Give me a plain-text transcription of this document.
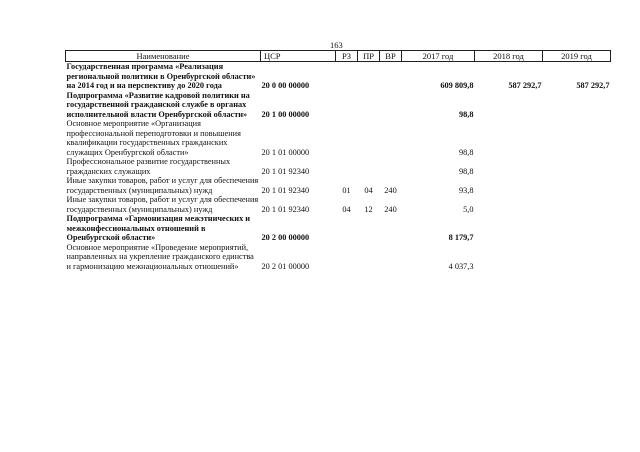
163
Наименование	ЦСР	РЗ	ПР	ВР	2017 год	2018 год	2019 год
Государственная программа «Реализация региональной политики в Оренбургской области» на 2014 год и на перспективу до 2020 года	20 0 00 00000				609 809,8	587 292,7	587 292,7
Подпрограмма «Развитие кадровой политики на государственной гражданской службе в органах исполнительной власти Оренбургской области»	20 1 00 00000				98,8		
Основное мероприятие «Организация профессиональной переподготовки и повышения квалификации государственных гражданских служащих Оренбургской области»	20 1 01 00000				98,8		
Профессиональное развитие государственных гражданских служащих	20 1 01 92340				98,8		
Иные закупки товаров, работ и услуг для обеспечения государственных (муниципальных) нужд	20 1 01 92340	01	04	240	93,8		
Иные закупки товаров, работ и услуг для обеспечения государственных (муниципальных) нужд	20 1 01 92340	04	12	240	5,0		
Подпрограмма «Гармонизация межэтнических и межконфессиональных отношений в Оренбургской области»	20 2 00 00000				8 179,7		
Основное мероприятие «Проведение мероприятий, направленных на укрепление гражданского единства и гармонизацию межнациональных отношений»	20 2 01 00000				4 037,3		
